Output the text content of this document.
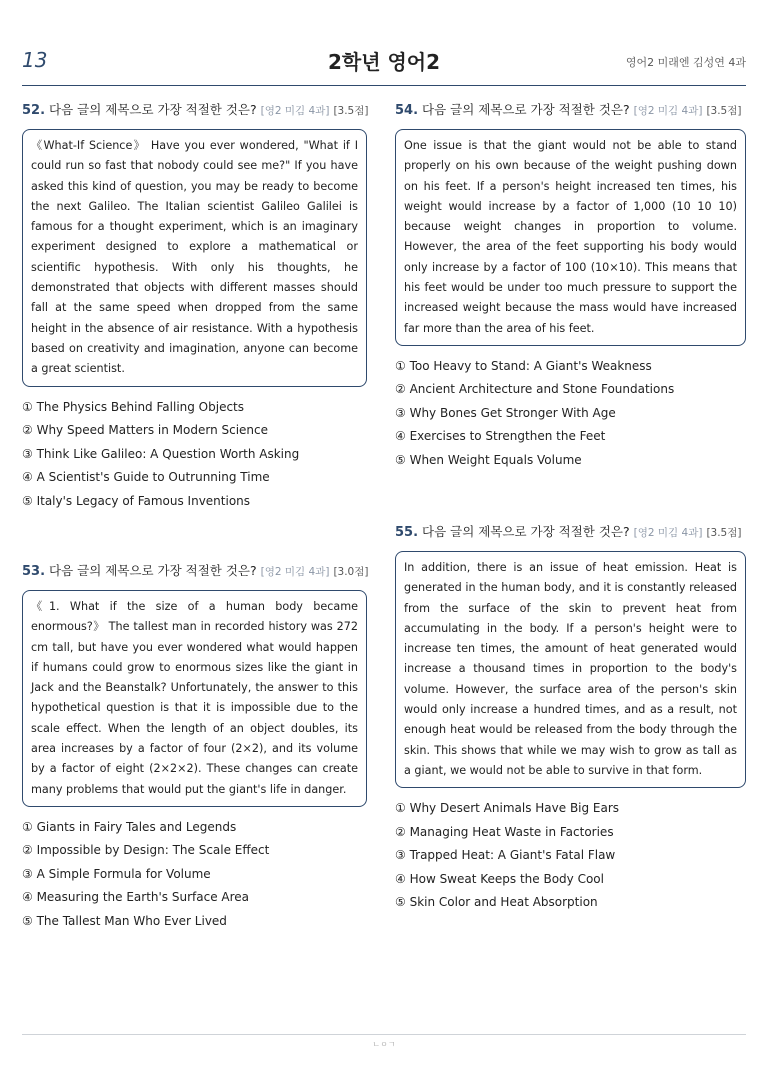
13	2학년 영어2	영어2 미래엔 김성연 4과
52. 다음 글의 제목으로 가장 적절한 것은? [영2 미김 4과] [3.5점]
《What-If Science》 Have you ever wondered, "What if I could run so fast that nobody could see me?" If you have asked this kind of question, you may be ready to become the next Galileo. The Italian scientist Galileo Galilei is famous for a thought experiment, which is an imaginary experiment designed to explore a mathematical or scientific hypothesis. With only his thoughts, he demonstrated that objects with different masses should fall at the same speed when dropped from the same height in the absence of air resistance. With a hypothesis based on creativity and imagination, anyone can become a great scientist.
① The Physics Behind Falling Objects
② Why Speed Matters in Modern Science
③ Think Like Galileo: A Question Worth Asking
④ A Scientist's Guide to Outrunning Time
⑤ Italy's Legacy of Famous Inventions
53. 다음 글의 제목으로 가장 적절한 것은? [영2 미김 4과] [3.0점]
《1. What if the size of a human body became enormous?》 The tallest man in recorded history was 272 cm tall, but have you ever wondered what would happen if humans could grow to enormous sizes like the giant in Jack and the Beanstalk? Unfortunately, the answer to this hypothetical question is that it is impossible due to the scale effect. When the length of an object doubles, its area increases by a factor of four (2×2), and its volume by a factor of eight (2×2×2). These changes can create many problems that would put the giant's life in danger.
① Giants in Fairy Tales and Legends
② Impossible by Design: The Scale Effect
③ A Simple Formula for Volume
④ Measuring the Earth's Surface Area
⑤ The Tallest Man Who Ever Lived
54. 다음 글의 제목으로 가장 적절한 것은? [영2 미김 4과] [3.5점]
One issue is that the giant would not be able to stand properly on his own because of the weight pushing down on his feet. If a person's height increased ten times, his weight would increase by a factor of 1,000 (10 10 10) because weight changes in proportion to volume. However, the area of the feet supporting his body would only increase by a factor of 100 (10×10). This means that his feet would be under too much pressure to support the increased weight because the mass would have increased far more than the area of his feet.
① Too Heavy to Stand: A Giant's Weakness
② Ancient Architecture and Stone Foundations
③ Why Bones Get Stronger With Age
④ Exercises to Strengthen the Feet
⑤ When Weight Equals Volume
55. 다음 글의 제목으로 가장 적절한 것은? [영2 미김 4과] [3.5점]
In addition, there is an issue of heat emission. Heat is generated in the human body, and it is constantly released from the surface of the skin to prevent heat from accumulating in the body. If a person's height were to increase ten times, the amount of heat generated would increase a thousand times in proportion to the body's volume. However, the surface area of the person's skin would only increase a hundred times, and as a result, not enough heat would be released from the body through the skin. This shows that while we may wish to grow as tall as a giant, we would not be able to survive in that form.
① Why Desert Animals Have Big Ears
② Managing Heat Waste in Factories
③ Trapped Heat: A Giant's Fatal Flaw
④ How Sweat Keeps the Body Cool
⑤ Skin Color and Heat Absorption
ㄴㅇㄱ
